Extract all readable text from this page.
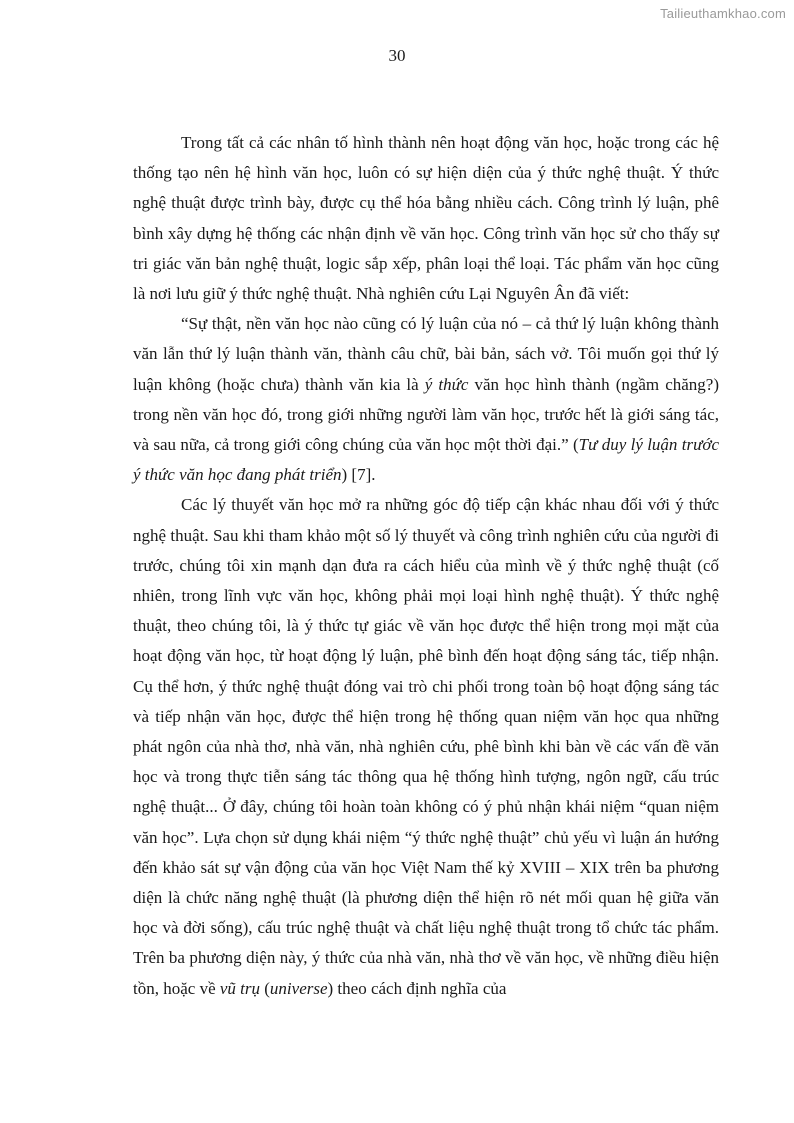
Tailieuthamkhao.com
30

Trong tất cả các nhân tố hình thành nên hoạt động văn học, hoặc trong các hệ thống tạo nên hệ hình văn học, luôn có sự hiện diện của ý thức nghệ thuật. Ý thức nghệ thuật được trình bày, được cụ thể hóa bằng nhiều cách. Công trình lý luận, phê bình xây dựng hệ thống các nhận định về văn học. Công trình văn học sử cho thấy sự tri giác văn bản nghệ thuật, logic sắp xếp, phân loại thể loại. Tác phẩm văn học cũng là nơi lưu giữ ý thức nghệ thuật. Nhà nghiên cứu Lại Nguyên Ân đã viết:

“Sự thật, nền văn học nào cũng có lý luận của nó – cả thứ lý luận không thành văn lẫn thứ lý luận thành văn, thành câu chữ, bài bản, sách vở. Tôi muốn gọi thứ lý luận không (hoặc chưa) thành văn kia là ý thức văn học hình thành (ngầm chăng?) trong nền văn học đó, trong giới những người làm văn học, trước hết là giới sáng tác, và sau nữa, cả trong giới công chúng của văn học một thời đại.” (Tư duy lý luận trước ý thức văn học đang phát triển) [7].

Các lý thuyết văn học mở ra những góc độ tiếp cận khác nhau đối với ý thức nghệ thuật. Sau khi tham khảo một số lý thuyết và công trình nghiên cứu của người đi trước, chúng tôi xin mạnh dạn đưa ra cách hiểu của mình về ý thức nghệ thuật (cố nhiên, trong lĩnh vực văn học, không phải mọi loại hình nghệ thuật). Ý thức nghệ thuật, theo chúng tôi, là ý thức tự giác về văn học được thể hiện trong mọi mặt của hoạt động văn học, từ hoạt động lý luận, phê bình đến hoạt động sáng tác, tiếp nhận. Cụ thể hơn, ý thức nghệ thuật đóng vai trò chi phối trong toàn bộ hoạt động sáng tác và tiếp nhận văn học, được thể hiện trong hệ thống quan niệm văn học qua những phát ngôn của nhà thơ, nhà văn, nhà nghiên cứu, phê bình khi bàn về các vấn đề văn học và trong thực tiễn sáng tác thông qua hệ thống hình tượng, ngôn ngữ, cấu trúc nghệ thuật... Ở đây, chúng tôi hoàn toàn không có ý phủ nhận khái niệm “quan niệm văn học”. Lựa chọn sử dụng khái niệm “ý thức nghệ thuật” chủ yếu vì luận án hướng đến khảo sát sự vận động của văn học Việt Nam thế kỷ XVIII – XIX trên ba phương diện là chức năng nghệ thuật (là phương diện thể hiện rõ nét mối quan hệ giữa văn học và đời sống), cấu trúc nghệ thuật và chất liệu nghệ thuật trong tổ chức tác phẩm. Trên ba phương diện này, ý thức của nhà văn, nhà thơ về văn học, về những điều hiện tồn, hoặc về vũ trụ (universe) theo cách định nghĩa của
